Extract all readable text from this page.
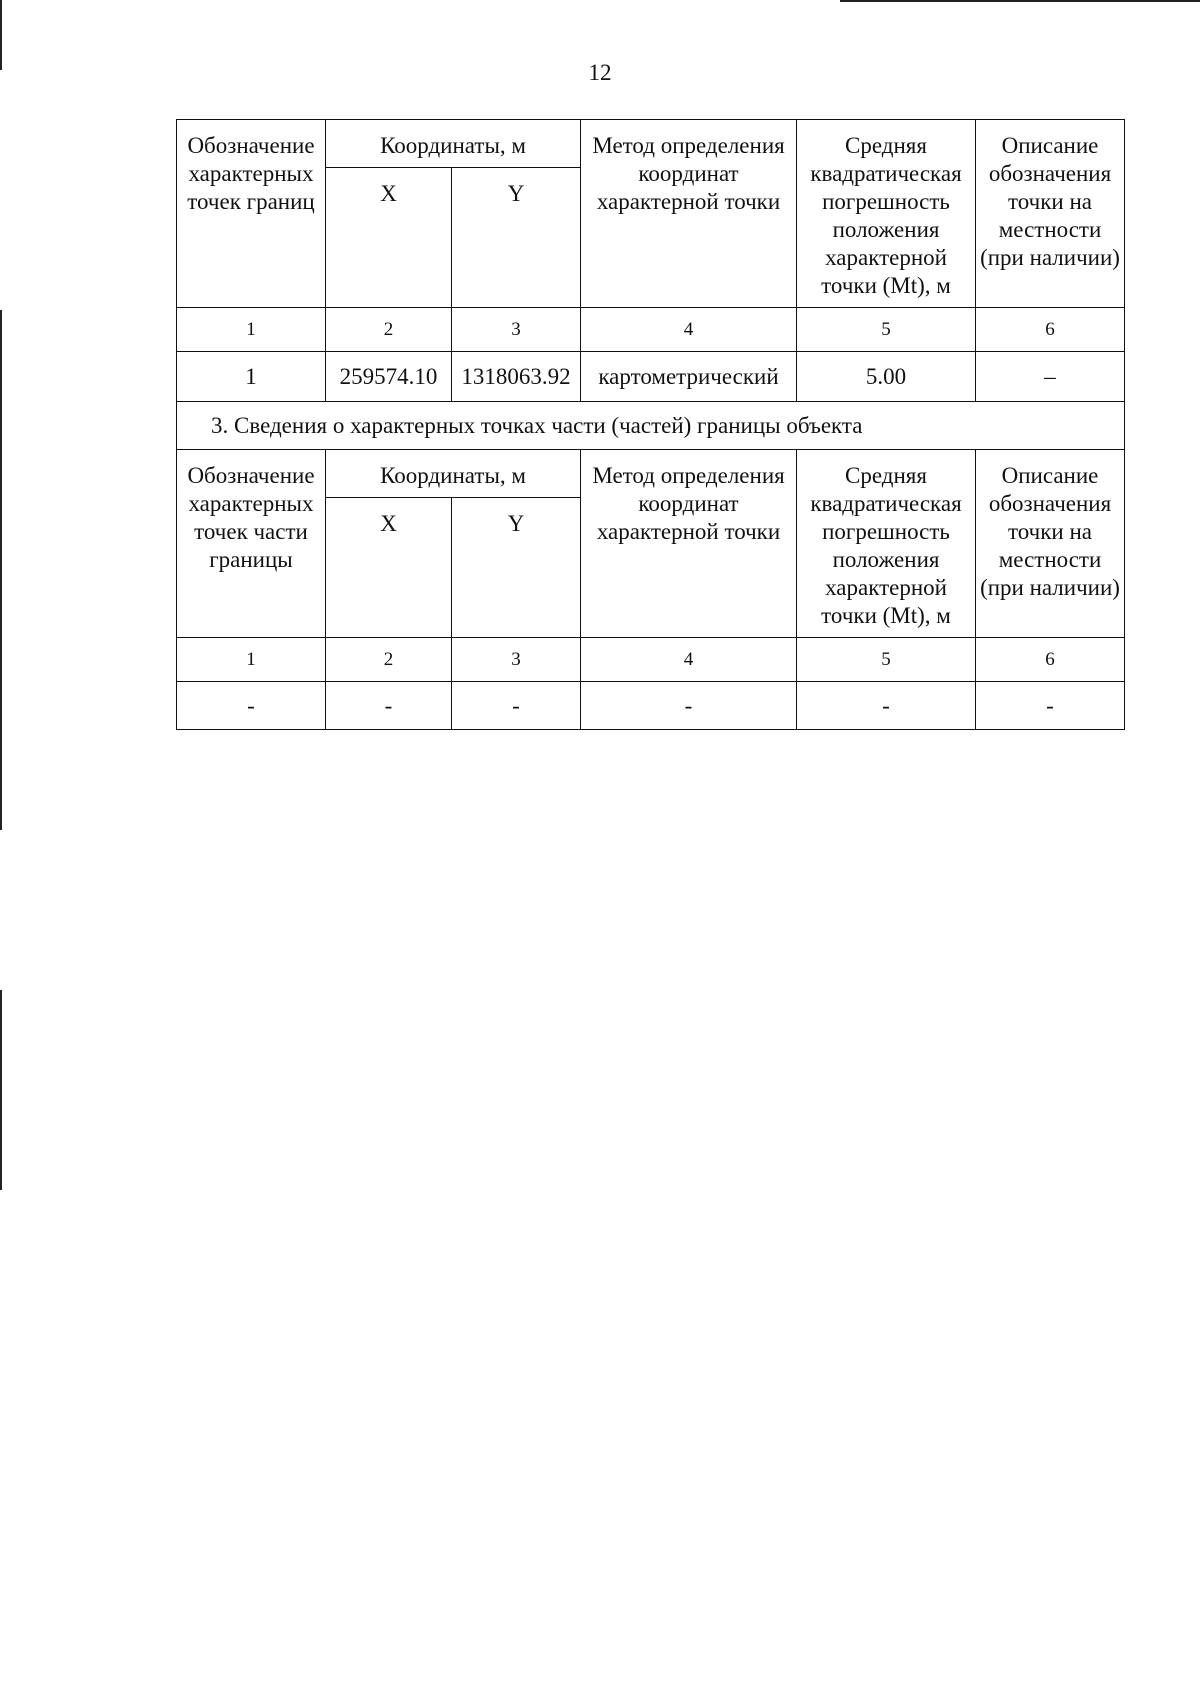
12
Обозначение характерных точек границ	Координаты, м		Метод определения координат характерной точки	Средняя квадратическая погрешность положения характерной точки (Mt), м	Описание обозначения точки на местности (при наличии)
	X	Y			
1	2	3	4	5	6
1	259574.10	1318063.92	картометрический	5.00	–
3. Сведения о характерных точках части (частей) границы объекта					
Обозначение характерных точек части границы	Координаты, м		Метод определения координат характерной точки	Средняя квадратическая погрешность положения характерной точки (Mt), м	Описание обозначения точки на местности (при наличии)
	X	Y			
1	2	3	4	5	6
-	-	-	-	-	-
